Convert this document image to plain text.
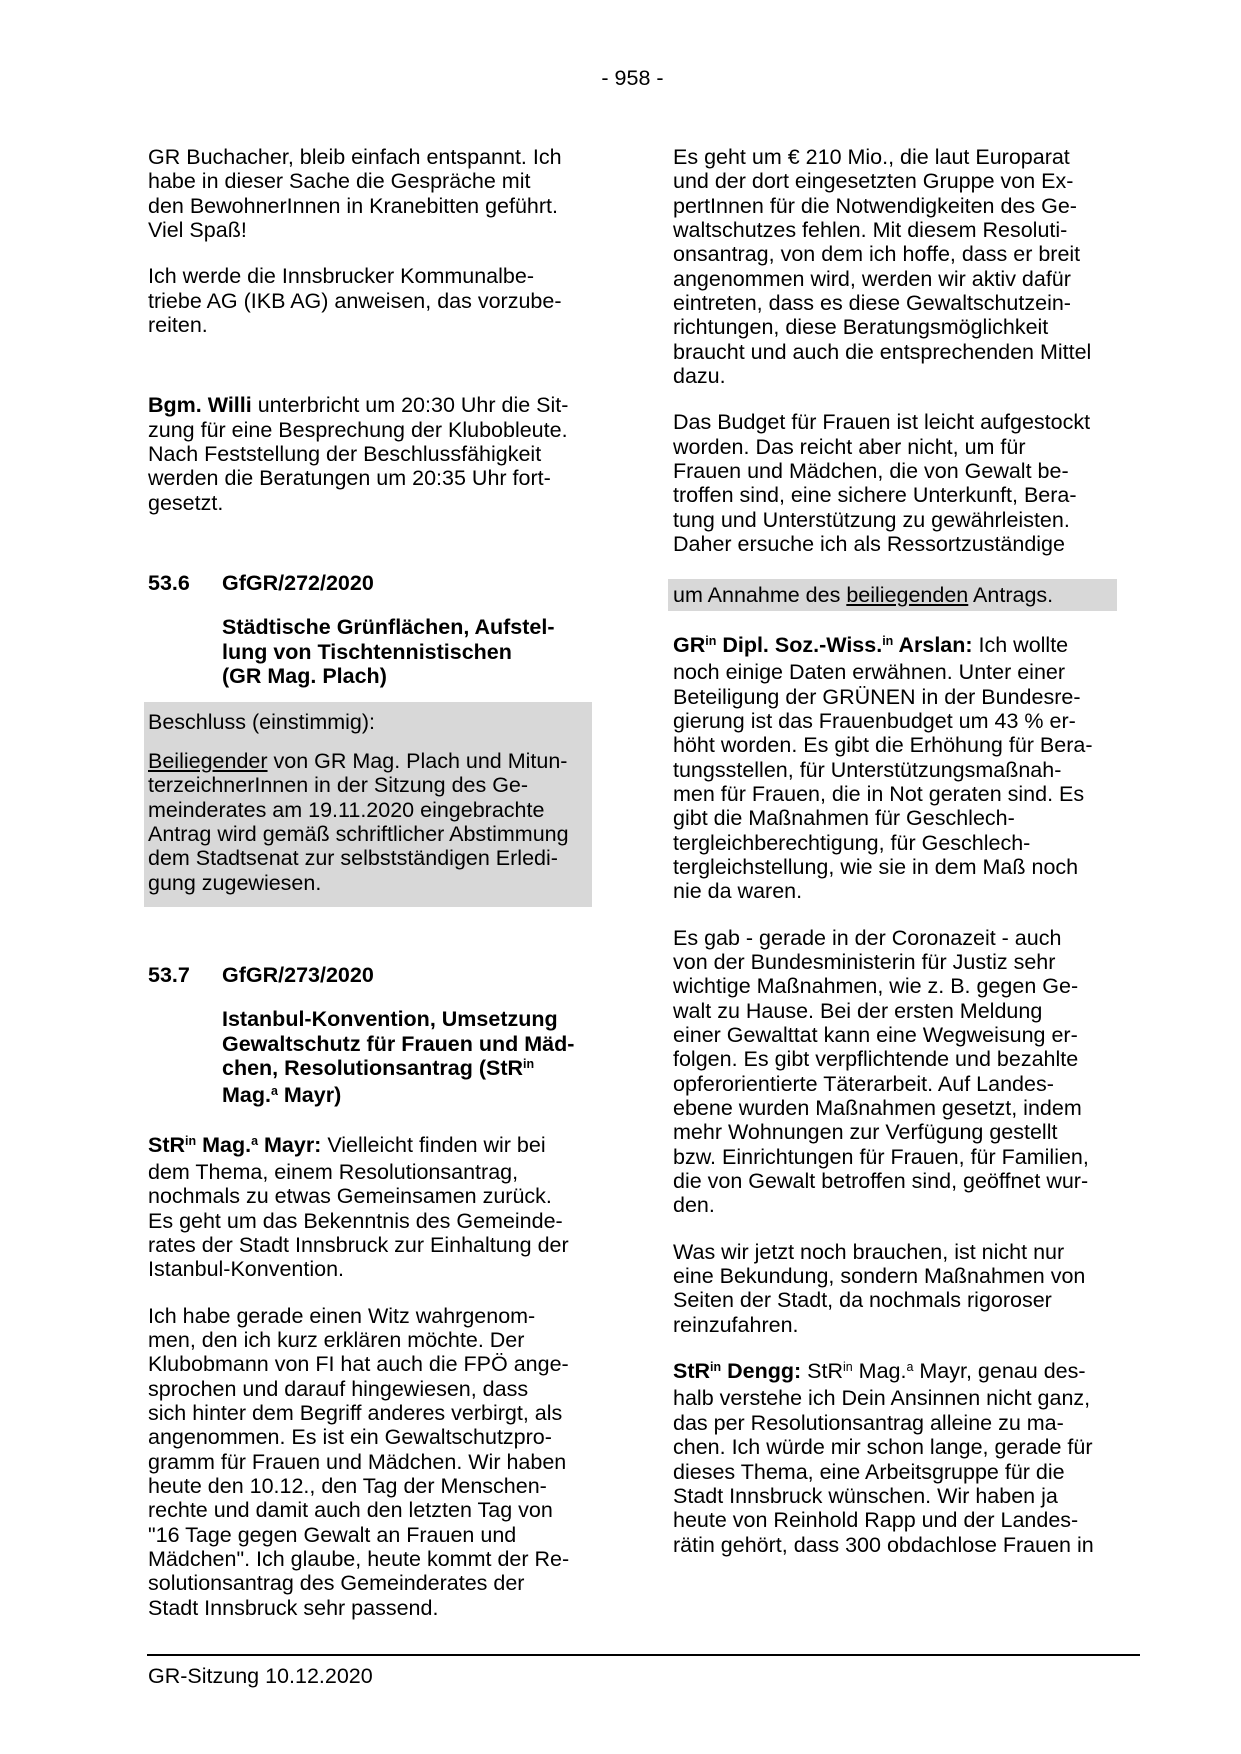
- 958 -
GR Buchacher, bleib einfach entspannt. Ich
habe in dieser Sache die Gespräche mit
den BewohnerInnen in Kranebitten geführt.
Viel Spaß!
Ich werde die Innsbrucker Kommunalbe-
triebe AG (IKB AG) anweisen, das vorzube-
reiten.
Bgm. Willi unterbricht um 20:30 Uhr die Sit-
zung für eine Besprechung der Klubobleute.
Nach Feststellung der Beschlussfähigkeit
werden die Beratungen um 20:35 Uhr fort-
gesetzt.
53.6 GfGR/272/2020
Städtische Grünflächen, Aufstel-
lung von Tischtennistischen
(GR Mag. Plach)
Beschluss (einstimmig):
Beiliegender von GR Mag. Plach und Mitun-
terzeichnerInnen in der Sitzung des Ge-
meinderates am 19.11.2020 eingebrachte
Antrag wird gemäß schriftlicher Abstimmung
dem Stadtsenat zur selbstständigen Erledi-
gung zugewiesen.
53.7 GfGR/273/2020
Istanbul-Konvention, Umsetzung
Gewaltschutz für Frauen und Mäd-
chen, Resolutionsantrag (StR$^{in}$
Mag.$^a$ Mayr)
StR$^{in}$ Mag.$^a$ Mayr: Vielleicht finden wir bei
dem Thema, einem Resolutionsantrag,
nochmals zu etwas Gemeinsamen zurück.
Es geht um das Bekenntnis des Gemeinde-
rates der Stadt Innsbruck zur Einhaltung der
Istanbul-Konvention.
Ich habe gerade einen Witz wahrgenom-
men, den ich kurz erklären möchte. Der
Klubobmann von FI hat auch die FPÖ ange-
sprochen und darauf hingewiesen, dass
sich hinter dem Begriff anderes verbirgt, als
angenommen. Es ist ein Gewaltschutzpro-
gramm für Frauen und Mädchen. Wir haben
heute den 10.12., den Tag der Menschen-
rechte und damit auch den letzten Tag von
"16 Tage gegen Gewalt an Frauen und
Mädchen". Ich glaube, heute kommt der Re-
solutionsantrag des Gemeinderates der
Stadt Innsbruck sehr passend.
Es geht um € 210 Mio., die laut Europarat
und der dort eingesetzten Gruppe von Ex-
pertInnen für die Notwendigkeiten des Ge-
waltschutzes fehlen. Mit diesem Resoluti-
onsantrag, von dem ich hoffe, dass er breit
angenommen wird, werden wir aktiv dafür
eintreten, dass es diese Gewaltschutzein-
richtungen, diese Beratungsmöglichkeit
braucht und auch die entsprechenden Mittel
dazu.
Das Budget für Frauen ist leicht aufgestockt
worden. Das reicht aber nicht, um für
Frauen und Mädchen, die von Gewalt be-
troffen sind, eine sichere Unterkunft, Bera-
tung und Unterstützung zu gewährleisten.
Daher ersuche ich als Ressortzuständige
um Annahme des beiliegenden Antrags.
$GR^{in}$ Dipl. Soz.-Wiss.$^{in}$ Arslan: Ich wollte
noch einige Daten erwähnen. Unter einer
Beteiligung der GRÜNEN in der Bundesre-
gierung ist das Frauenbudget um 43 % er-
höht worden. Es gibt die Erhöhung für Bera-
tungsstellen, für Unterstützungsmaßnah-
men für Frauen, die in Not geraten sind. Es
gibt die Maßnahmen für Geschlech-
tergleichberechtigung, für Geschlech-
tergleichstellung, wie sie in dem Maß noch
nie da waren.
Es gab - gerade in der Coronazeit - auch
von der Bundesministerin für Justiz sehr
wichtige Maßnahmen, wie z. B. gegen Ge-
walt zu Hause. Bei der ersten Meldung
einer Gewalttat kann eine Wegweisung er-
folgen. Es gibt verpflichtende und bezahlte
opferorientierte Täterarbeit. Auf Landes-
ebene wurden Maßnahmen gesetzt, indem
mehr Wohnungen zur Verfügung gestellt
bzw. Einrichtungen für Frauen, für Familien,
die von Gewalt betroffen sind, geöffnet wur-
den.
Was wir jetzt noch brauchen, ist nicht nur
eine Bekundung, sondern Maßnahmen von
Seiten der Stadt, da nochmals rigoroser
reinzufahren.
StR$^{in}$ Dengg: StR$^{in}$ Mag.$^a$ Mayr, genau des-
halb verstehe ich Dein Ansinnen nicht ganz,
das per Resolutionsantrag alleine zu ma-
chen. Ich würde mir schon lange, gerade für
dieses Thema, eine Arbeitsgruppe für die
Stadt Innsbruck wünschen. Wir haben ja
heute von Reinhold Rapp und der Landes-
rätin gehört, dass 300 obdachlose Frauen in
GR-Sitzung 10.12.2020
